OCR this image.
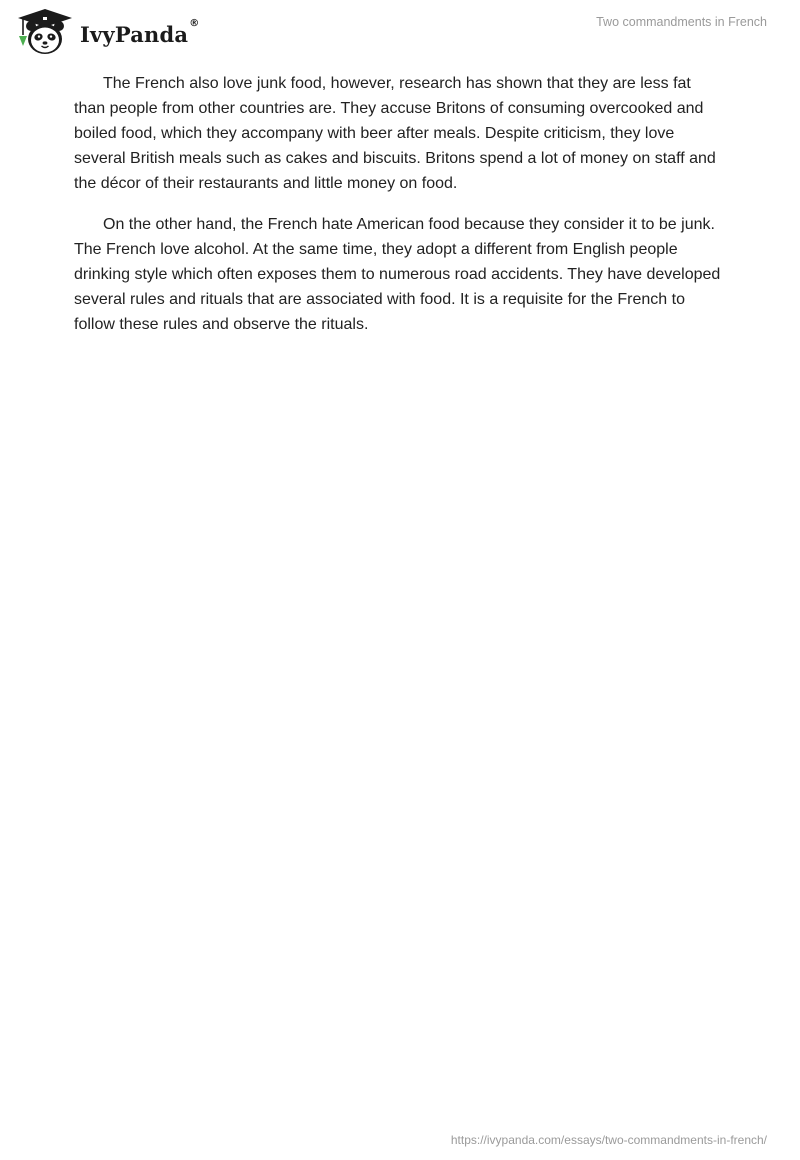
IvyPanda®	Two commandments in French

The French also love junk food, however, research has shown that they are less fat than people from other countries are. They accuse Britons of consuming overcooked and boiled food, which they accompany with beer after meals. Despite criticism, they love several British meals such as cakes and biscuits. Britons spend a lot of money on staff and the décor of their restaurants and little money on food.

On the other hand, the French hate American food because they consider it to be junk. The French love alcohol. At the same time, they adopt a different from English people drinking style which often exposes them to numerous road accidents. They have developed several rules and rituals that are associated with food. It is a requisite for the French to follow these rules and observe the rituals.

https://ivypanda.com/essays/two-commandments-in-french/
